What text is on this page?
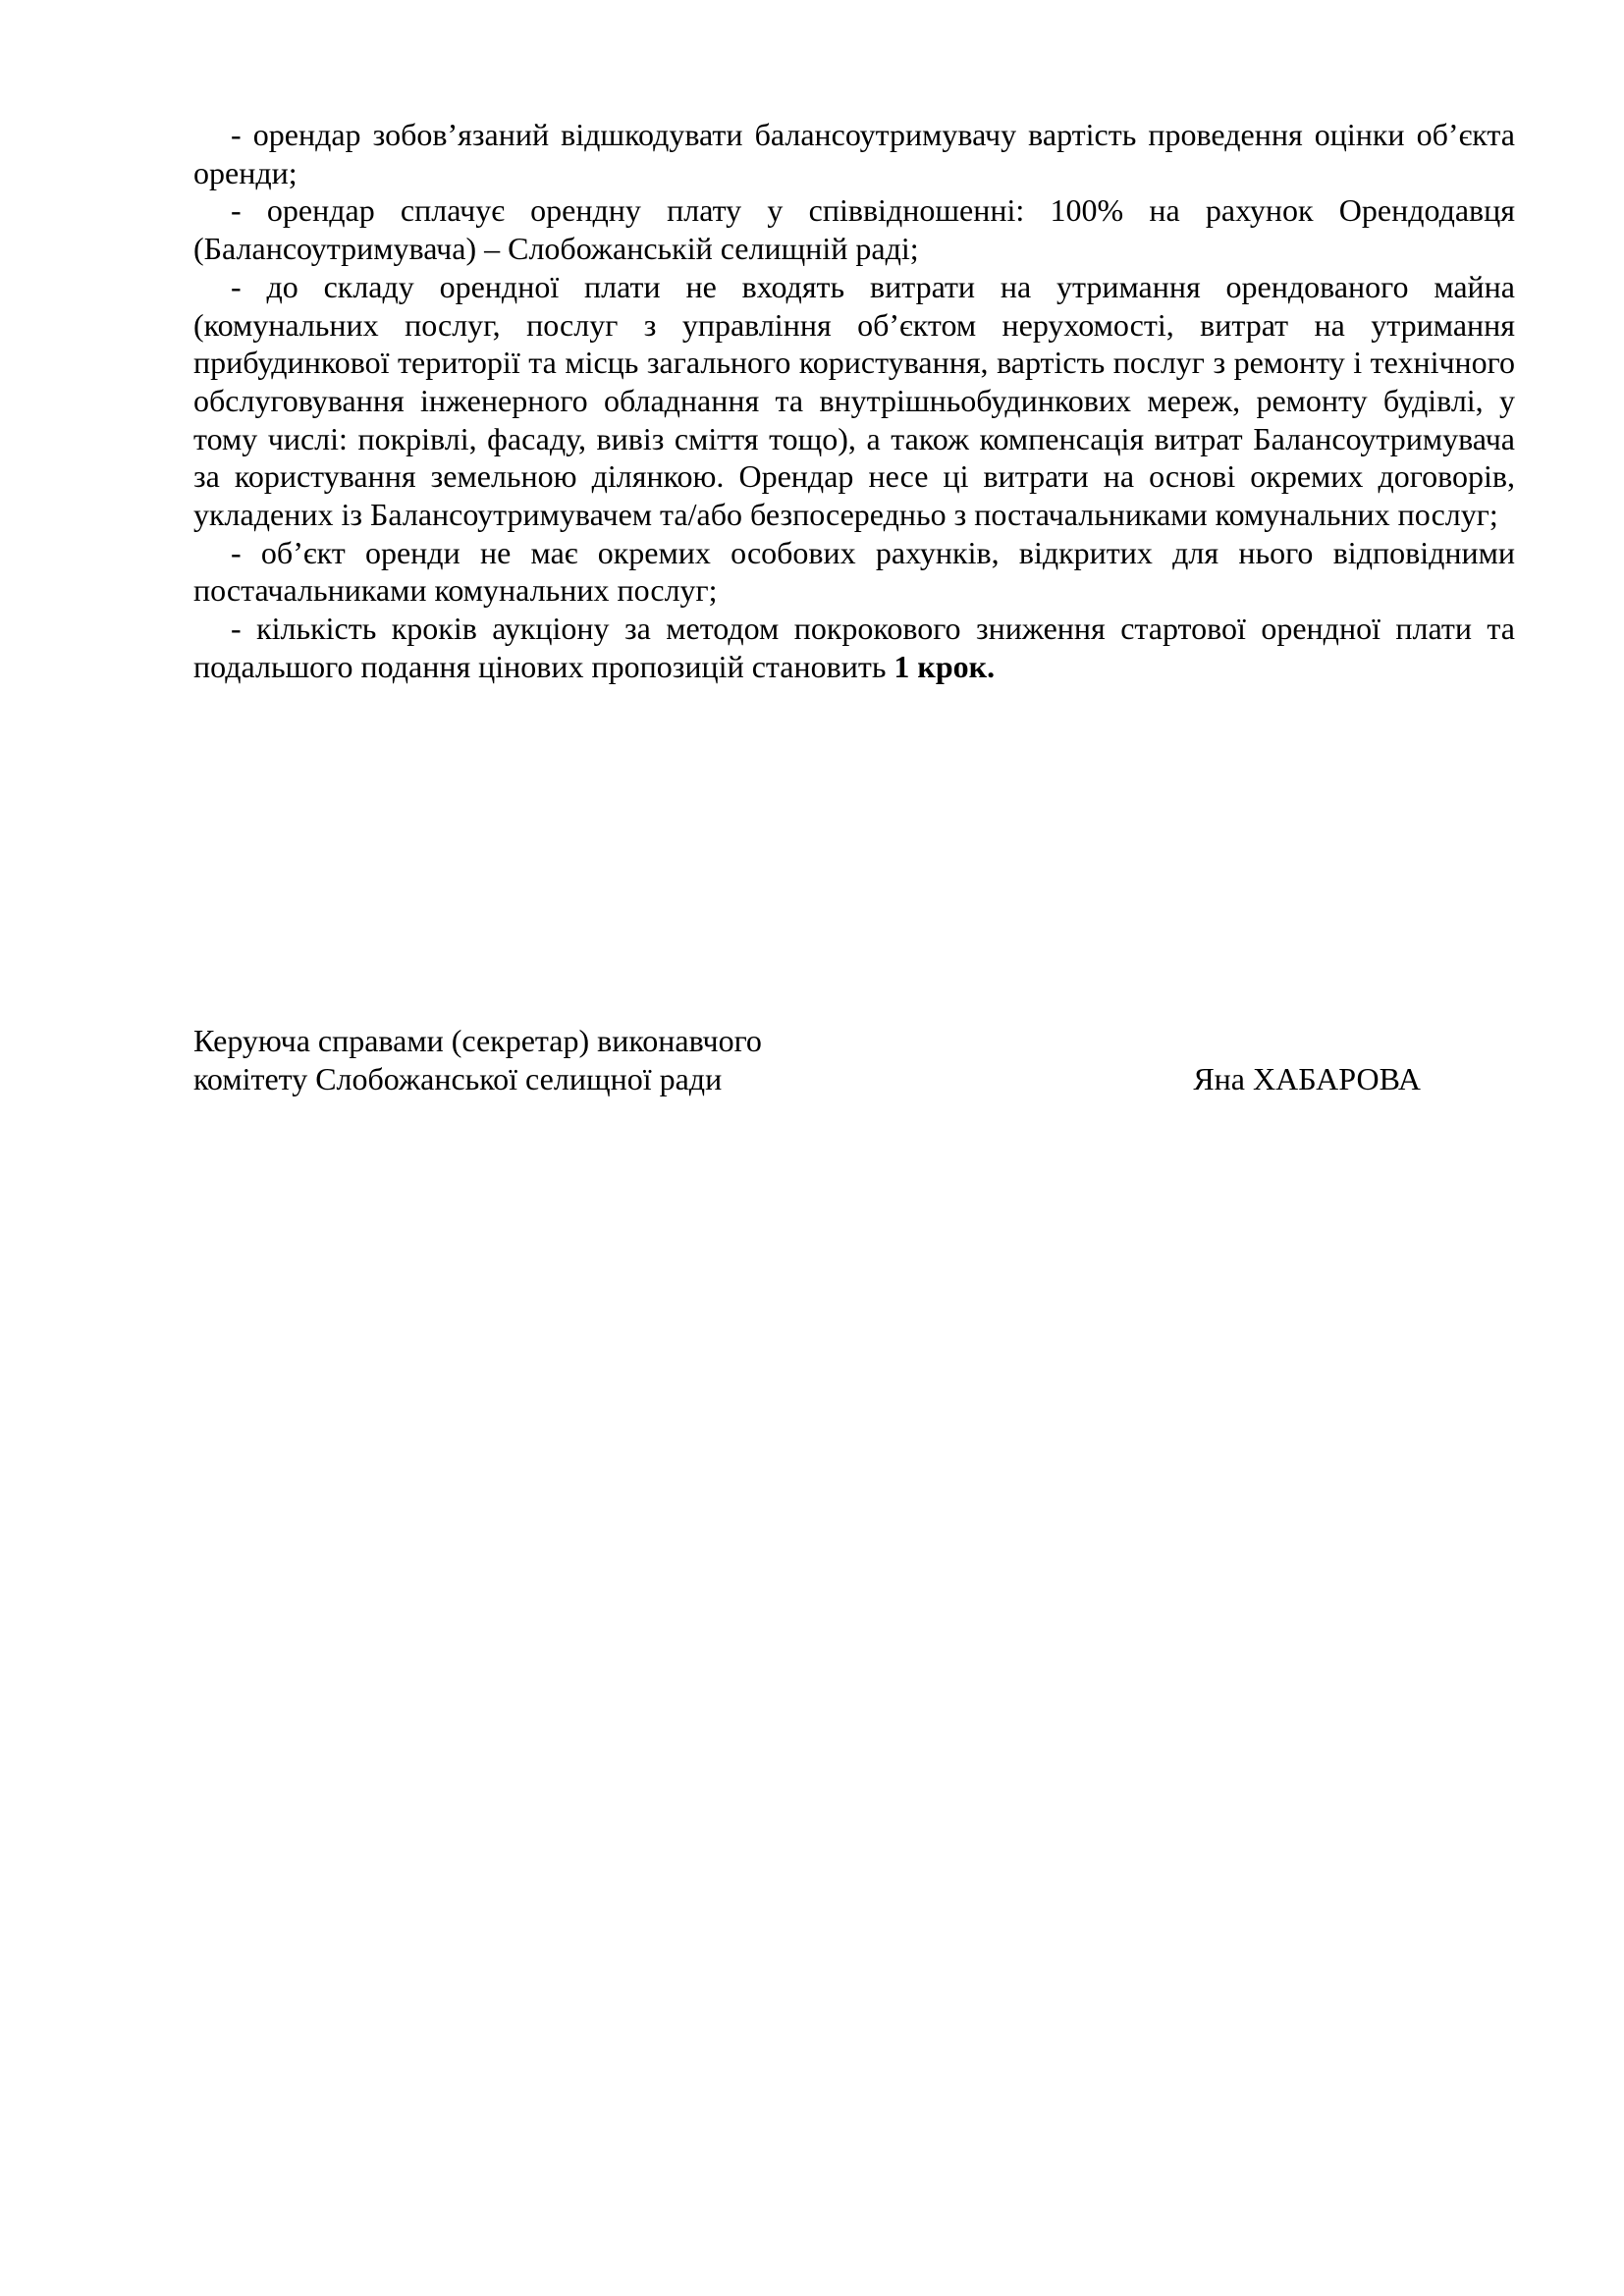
- орендар зобов’язаний відшкодувати балансоутримувачу вартість проведення оцінки об’єкта оренди;

- орендар сплачує орендну плату у співвідношенні: 100% на рахунок Орендодавця (Балансоутримувача) – Слобожанській селищній раді;

- до складу орендної плати не входять витрати на утримання орендованого майна (комунальних послуг, послуг з управління об’єктом нерухомості, витрат на утримання прибудинкової території та місць загального користування, вартість послуг з ремонту і технічного обслуговування інженерного обладнання та внутрішньобудинкових мереж, ремонту будівлі, у тому числі: покрівлі, фасаду, вивіз сміття тощо), а також компенсація витрат Балансоутримувача за користування земельною ділянкою. Орендар несе ці витрати на основі окремих договорів, укладених із Балансоутримувачем та/або безпосередньо з постачальниками комунальних послуг;

- об’єкт оренди не має окремих особових рахунків, відкритих для нього відповідними постачальниками комунальних послуг;

- кількість кроків аукціону за методом покрокового зниження стартової орендної плати та подальшого подання цінових пропозицій становить 1 крок.

Керуюча справами (секретар) виконавчого
комітету Слобожанської селищної ради	Яна ХАБАРОВА
